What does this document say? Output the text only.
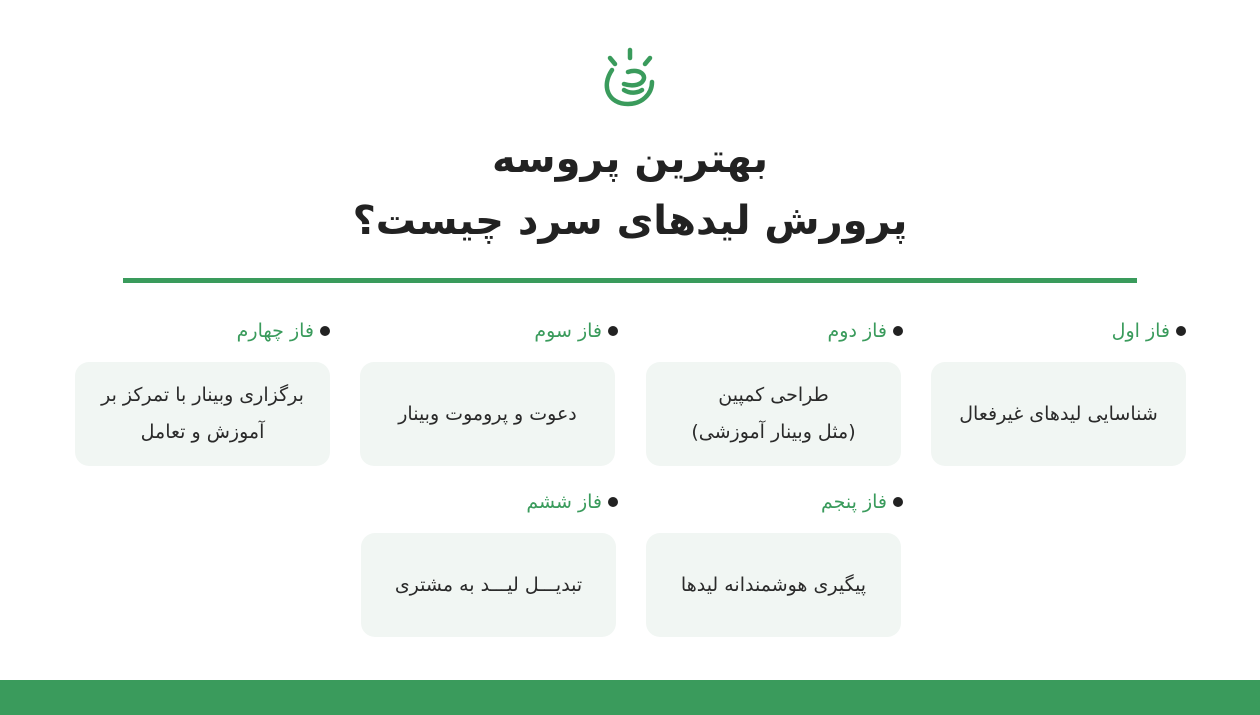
بهترین پروسه
پرورش لیدهای سرد چیست؟
فاز اول
شناسایی لیدهای غیرفعال
فاز دوم
طراحی کمپین
(مثل وبینار آموزشی)
فاز سوم
دعوت و پروموت وبینار
فاز چهارم
برگزاری وبینار با تمرکز بر
آموزش و تعامل
فاز پنجم
پیگیری هوشمندانه لیدها
فاز ششم
تبدیـــل لیـــد به مشتری
